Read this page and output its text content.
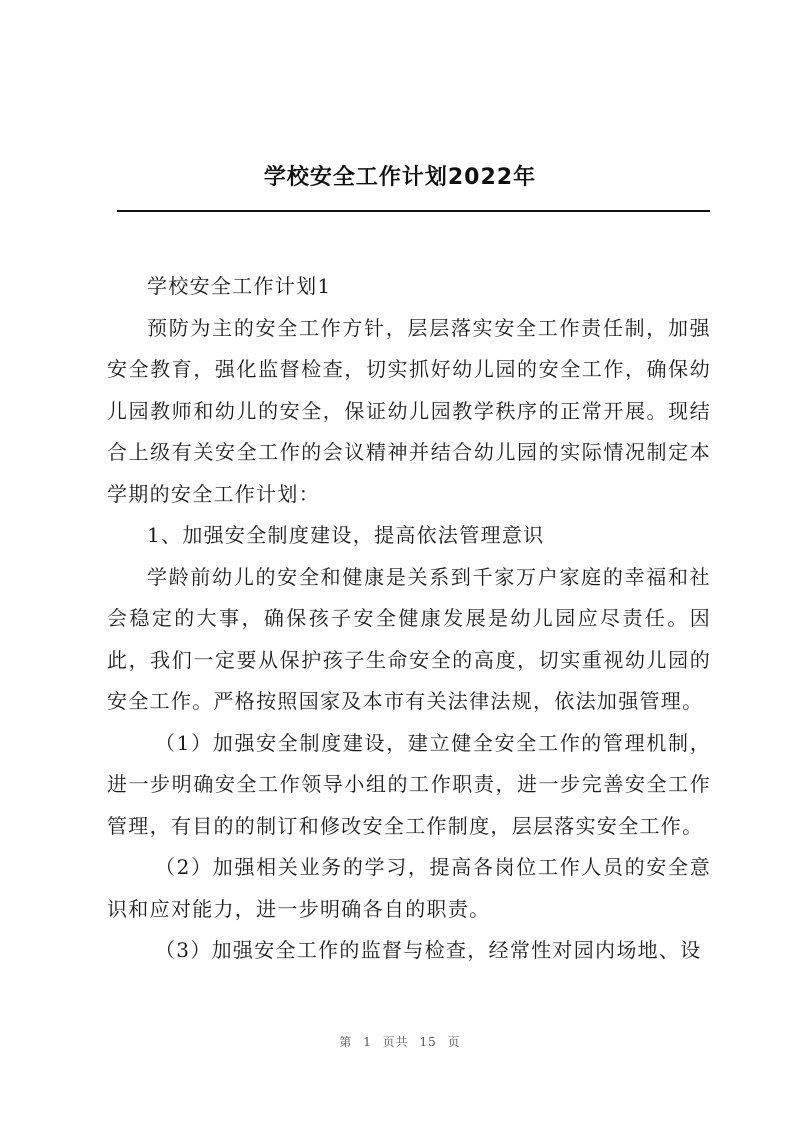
学校安全工作计划2022年

学校安全工作计划1

预防为主的安全工作方针，层层落实安全工作责任制，加强安全教育，强化监督检查，切实抓好幼儿园的安全工作，确保幼儿园教师和幼儿的安全，保证幼儿园教学秩序的正常开展。现结合上级有关安全工作的会议精神并结合幼儿园的实际情况制定本学期的安全工作计划：

1、加强安全制度建设，提高依法管理意识

学龄前幼儿的安全和健康是关系到千家万户家庭的幸福和社会稳定的大事，确保孩子安全健康发展是幼儿园应尽责任。因此，我们一定要从保护孩子生命安全的高度，切实重视幼儿园的安全工作。严格按照国家及本市有关法律法规，依法加强管理。

（1）加强安全制度建设，建立健全安全工作的管理机制，进一步明确安全工作领导小组的工作职责，进一步完善安全工作管理，有目的的制订和修改安全工作制度，层层落实安全工作。

（2）加强相关业务的学习，提高各岗位工作人员的安全意识和应对能力，进一步明确各自的职责。

（3）加强安全工作的监督与检查，经常性对园内场地、设

第 1 页共 15 页
